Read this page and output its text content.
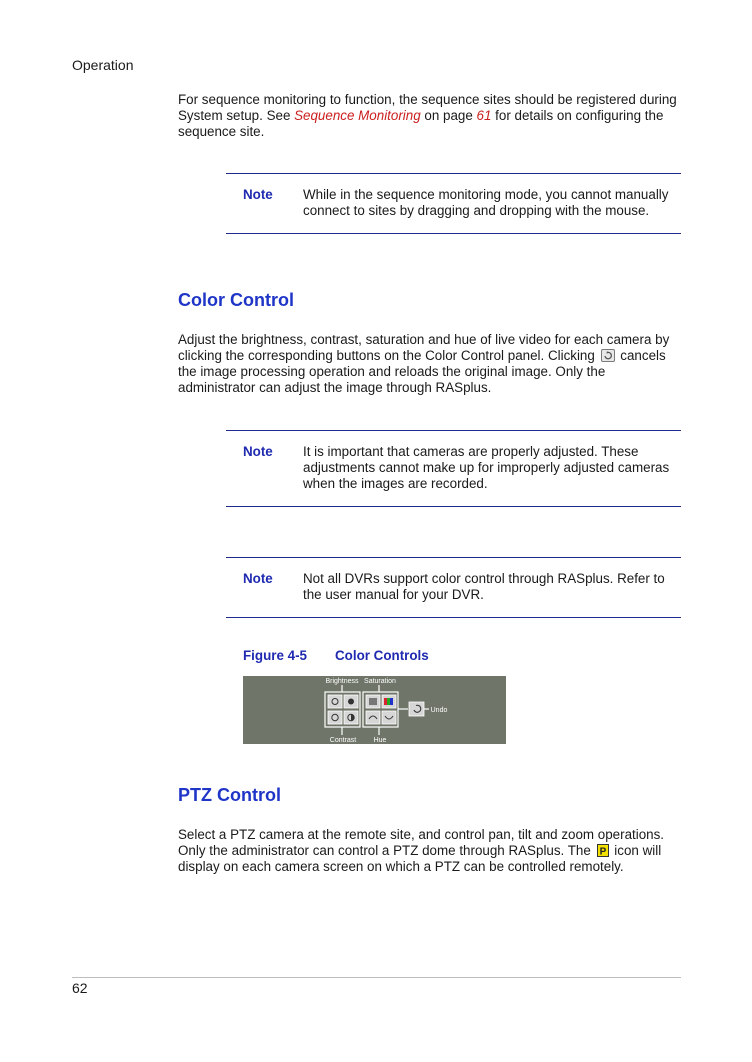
Operation
For sequence monitoring to function, the sequence sites should be registered during System setup. See Sequence Monitoring on page 61 for details on configuring the sequence site.
Note While in the sequence monitoring mode, you cannot manually connect to sites by dragging and dropping with the mouse.
Color Control
Adjust the brightness, contrast, saturation and hue of live video for each camera by clicking the corresponding buttons on the Color Control panel. Clicking  cancels the image processing operation and reloads the original image. Only the administrator can adjust the image through RASplus.
Note It is important that cameras are properly adjusted. These adjustments cannot make up for improperly adjusted cameras when the images are recorded.
Note Not all DVRs support color control through RASplus. Refer to the user manual for your DVR.
Figure 4-5 Color Controls
Brightness Saturation
Undo
Contrast Hue
PTZ Control
Select a PTZ camera at the remote site, and control pan, tilt and zoom operations. Only the administrator can control a PTZ dome through RASplus. The P icon will display on each camera screen on which a PTZ can be controlled remotely.
62
